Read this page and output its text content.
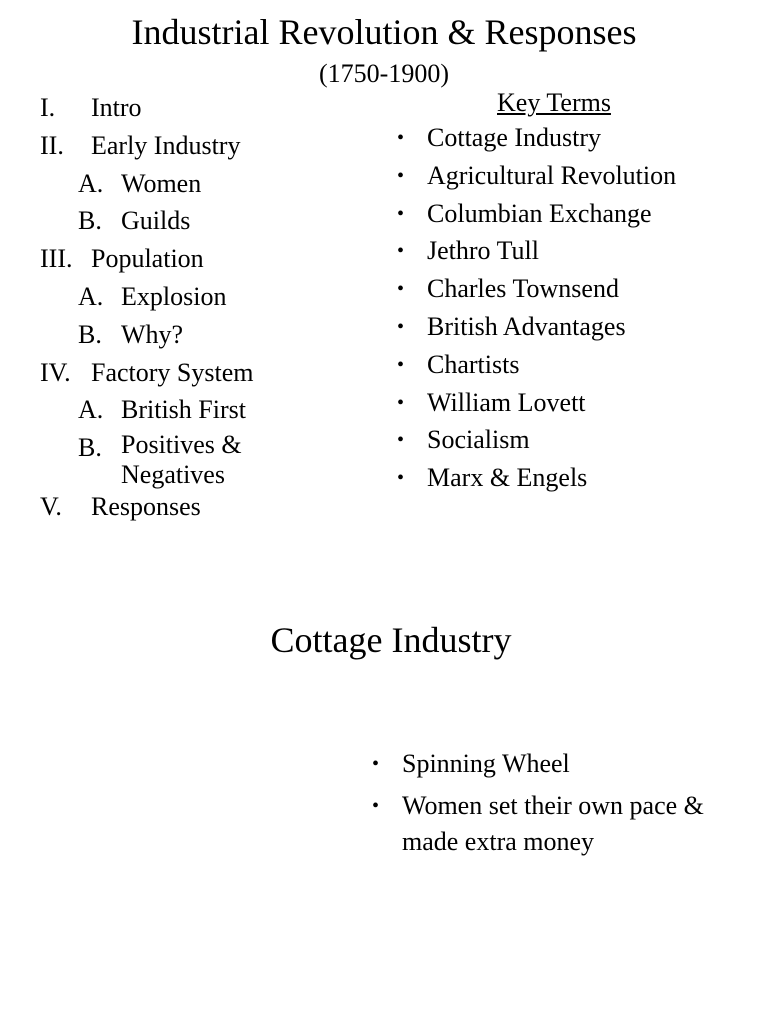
Industrial Revolution & Responses
(1750-1900)
I. Intro
II. Early Industry
A. Women
B. Guilds
III. Population
A. Explosion
B. Why?
IV. Factory System
A. British First
B. Positives & Negatives
V. Responses
Key Terms
• Cottage Industry
• Agricultural Revolution
• Columbian Exchange
• Jethro Tull
• Charles Townsend
• British Advantages
• Chartists
• William Lovett
• Socialism
• Marx & Engels
Cottage Industry
• Spinning Wheel
• Women set their own pace & made extra money
